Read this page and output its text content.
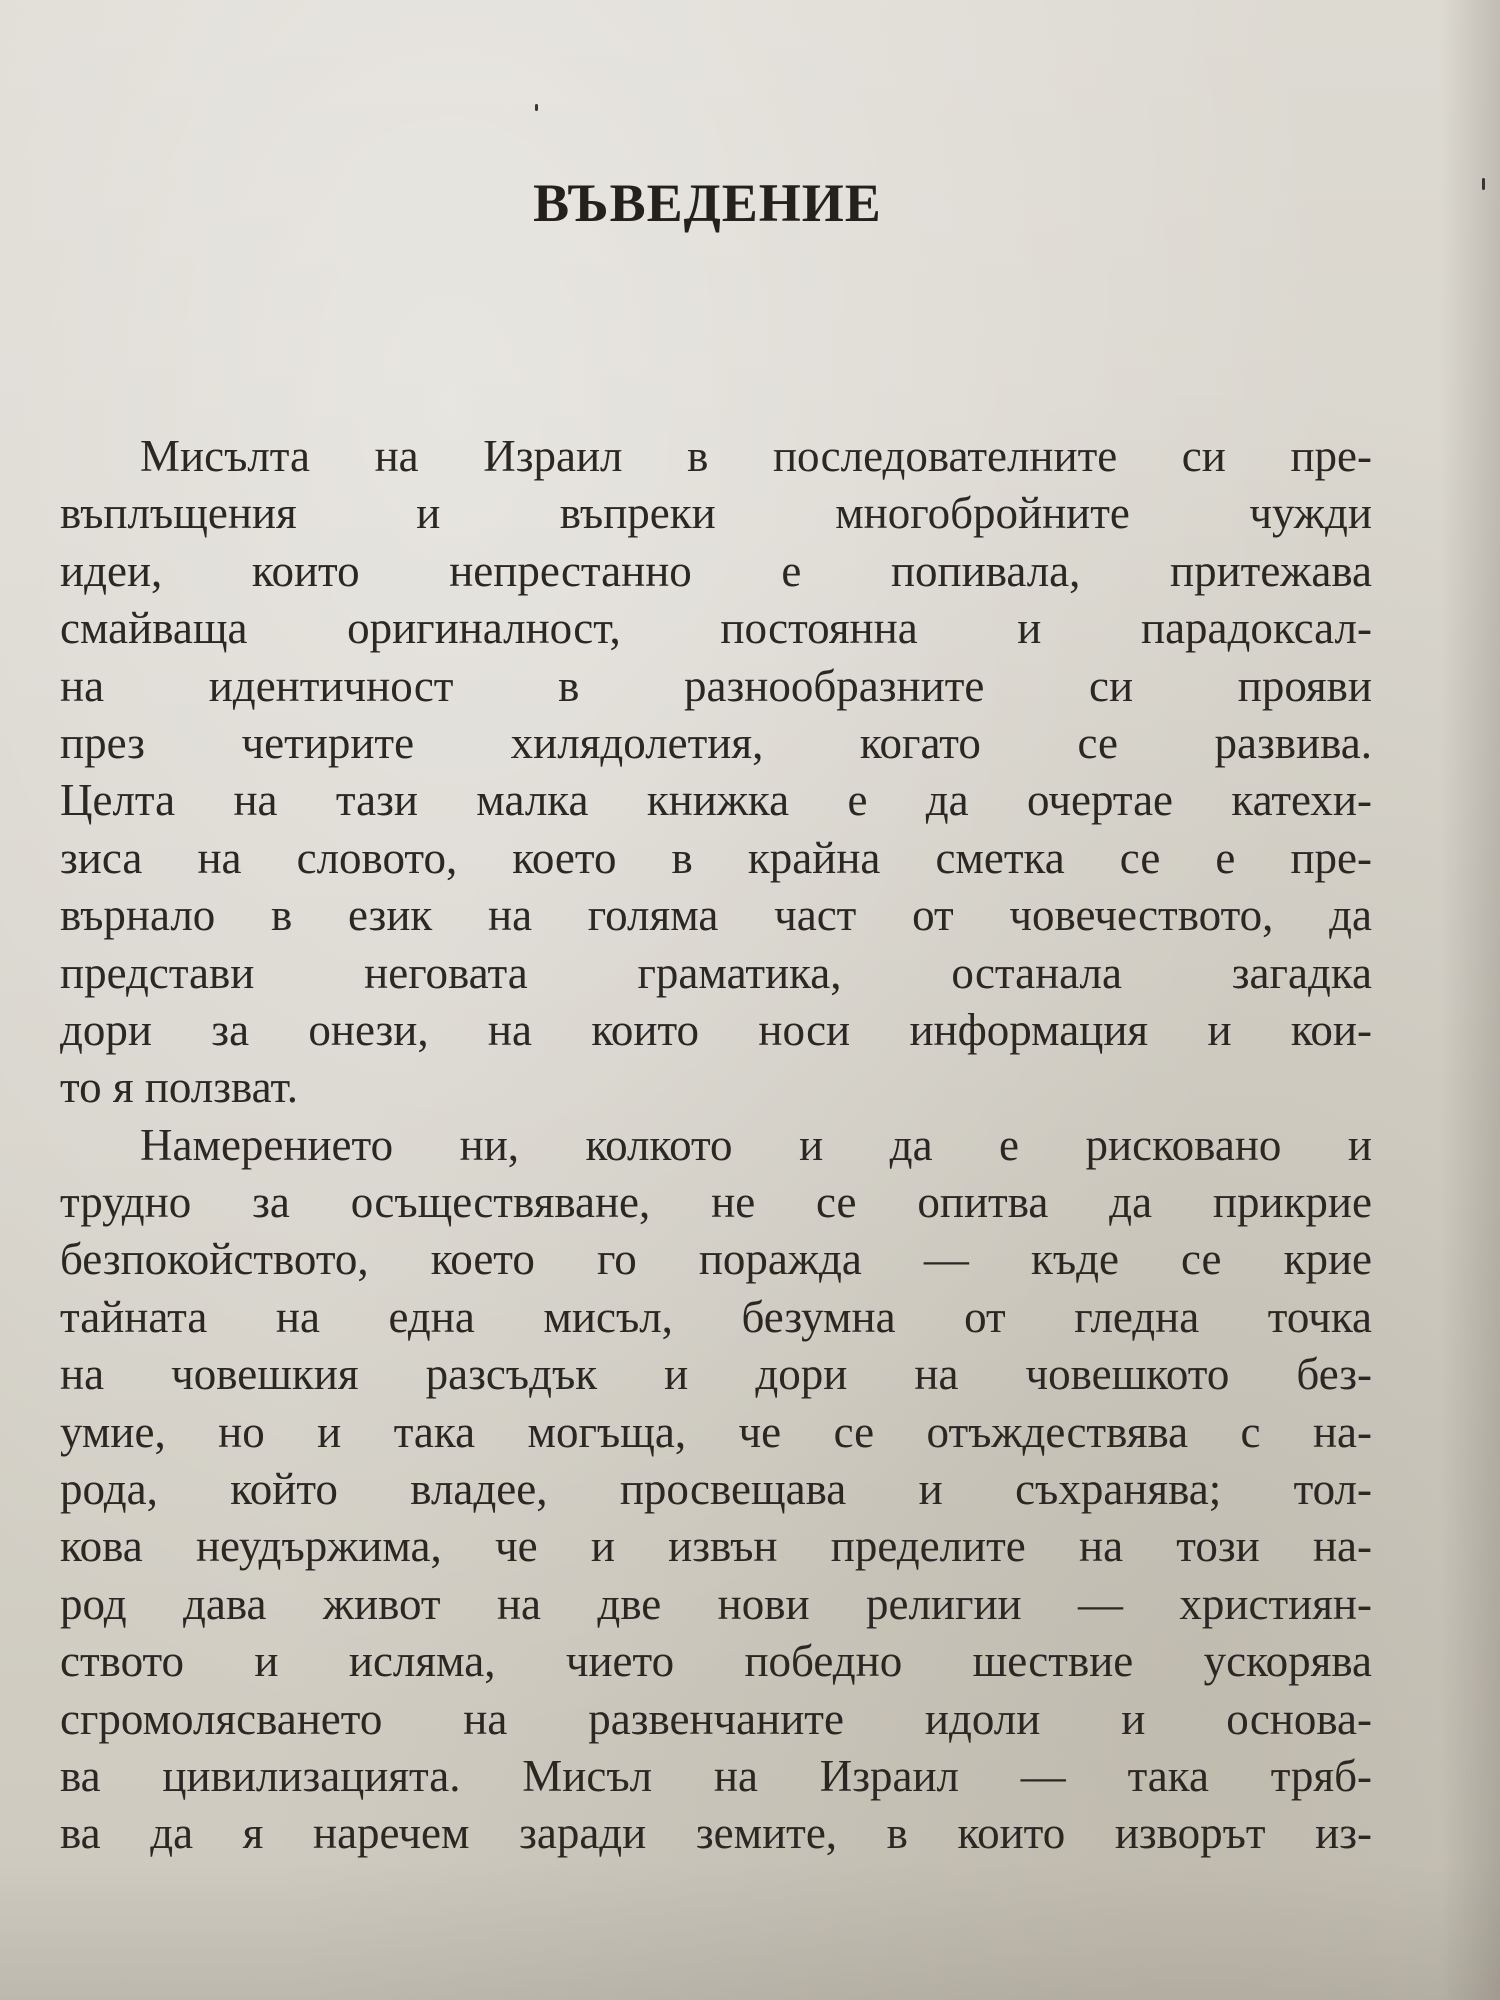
ВЪВЕДЕНИЕ
Мисълта на Израил в последователните си пре-
въплъщения и въпреки многобройните чужди
идеи, които непрестанно е попивала, притежава
смайваща оригиналност, постоянна и парадоксал-
на идентичност в разнообразните си прояви
през четирите хилядолетия, когато се развива.
Целта на тази малка книжка е да очертае катехи-
зиса на словото, което в крайна сметка се е пре-
върнало в език на голяма част от човечеството, да
представи неговата граматика, останала загадка
дори за онези, на които носи информация и кои-
то я ползват.
Намерението ни, колкото и да е рисковано и
трудно за осъществяване, не се опитва да прикрие
безпокойството, което го поражда — къде се крие
тайната на една мисъл, безумна от гледна точка
на човешкия разсъдък и дори на човешкото без-
умие, но и така могъща, че се отъждествява с на-
рода, който владее, просвещава и съхранява; тол-
кова неудържима, че и извън пределите на този на-
род дава живот на две нови религии — християн-
ството и исляма, чието победно шествие ускорява
сгромолясването на развенчаните идоли и основа-
ва цивилизацията. Мисъл на Израил — така тряб-
ва да я наречем заради земите, в които изворът из-
